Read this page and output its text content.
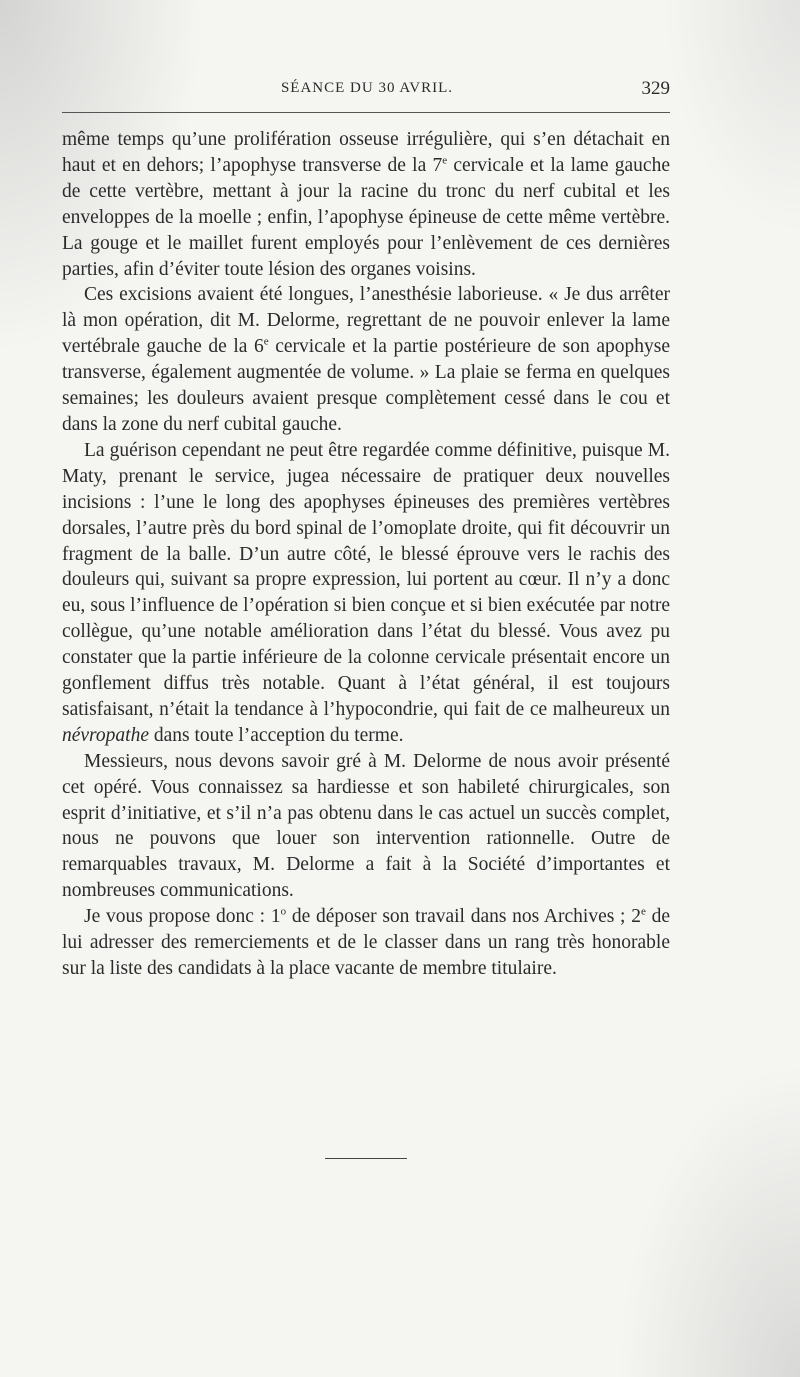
SÉANCE DU 30 AVRIL.	329

même temps qu’une prolifération osseuse irrégulière, qui s’en détachait en haut et en dehors; l’apophyse transverse de la 7e cervicale et la lame gauche de cette vertèbre, mettant à jour la racine du tronc du nerf cubital et les enveloppes de la moelle ; enfin, l’apophyse épineuse de cette même vertèbre. La gouge et le maillet furent employés pour l’enlèvement de ces dernières parties, afin d’éviter toute lésion des organes voisins.

Ces excisions avaient été longues, l’anesthésie laborieuse. « Je dus arrêter là mon opération, dit M. Delorme, regrettant de ne pouvoir enlever la lame vertébrale gauche de la 6e cervicale et la partie postérieure de son apophyse transverse, également augmentée de volume. » La plaie se ferma en quelques semaines; les douleurs avaient presque complètement cessé dans le cou et dans la zone du nerf cubital gauche.

La guérison cependant ne peut être regardée comme définitive, puisque M. Maty, prenant le service, jugea nécessaire de pratiquer deux nouvelles incisions : l’une le long des apophyses épineuses des premières vertèbres dorsales, l’autre près du bord spinal de l’omoplate droite, qui fit découvrir un fragment de la balle. D’un autre côté, le blessé éprouve vers le rachis des douleurs qui, suivant sa propre expression, lui portent au cœur. Il n’y a donc eu, sous l’influence de l’opération si bien conçue et si bien exécutée par notre collègue, qu’une notable amélioration dans l’état du blessé. Vous avez pu constater que la partie inférieure de la colonne cervicale présentait encore un gonflement diffus très notable. Quant à l’état général, il est toujours satisfaisant, n’était la tendance à l’hypocondrie, qui fait de ce malheureux un névropathe dans toute l’acception du terme.

Messieurs, nous devons savoir gré à M. Delorme de nous avoir présenté cet opéré. Vous connaissez sa hardiesse et son habileté chirurgicales, son esprit d’initiative, et s’il n’a pas obtenu dans le cas actuel un succès complet, nous ne pouvons que louer son intervention rationnelle. Outre de remarquables travaux, M. Delorme a fait à la Société d’importantes et nombreuses communications.

Je vous propose donc : 1$^o$ de déposer son travail dans nos Archives ; 2e de lui adresser des remerciements et de le classer dans un rang très honorable sur la liste des candidats à la place vacante de membre titulaire.
